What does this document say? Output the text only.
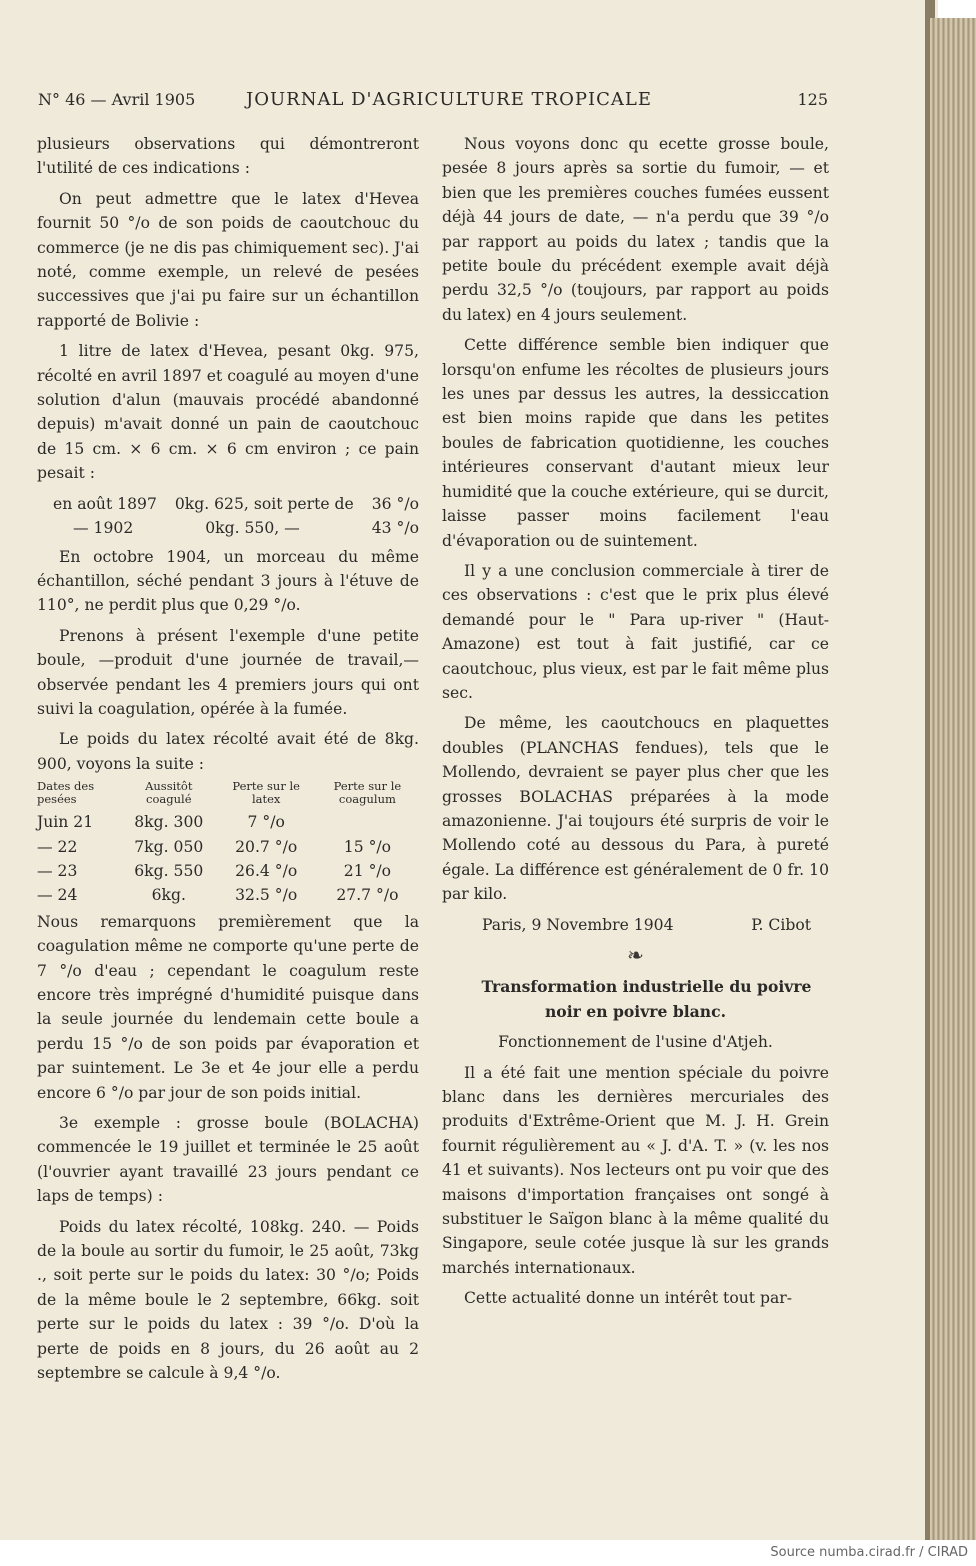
N° 46 — Avril 1905	JOURNAL D'AGRICULTURE TROPICALE	125

plusieurs observations qui démontreront l'utilité de ces indications :

On peut admettre que le latex d'Hevea fournit 50 °/o de son poids de caoutchouc du commerce (je ne dis pas chimiquement sec). J'ai noté, comme exemple, un relevé de pesées successives que j'ai pu faire sur un échantillon rapporté de Bolivie :

1 litre de latex d'Hevea, pesant 0kg. 975, récolté en avril 1897 et coagulé au moyen d'une solution d'alun (mauvais procédé abandonné depuis) m'avait donné un pain de caoutchouc de 15 cm. × 6 cm. × 6 cm environ ; ce pain pesait :

en août 1897 0kg. 625, soit perte de 36 °/o
— 1902	0kg. 550, —	43 °/o

En octobre 1904, un morceau du même échantillon, séché pendant 3 jours à l'étuve de 110°, ne perdit plus que 0,29 °/o.

Prenons à présent l'exemple d'une petite boule, —produit d'une journée de travail,— observée pendant les 4 premiers jours qui ont suivi la coagulation, opérée à la fumée.

Le poids du latex récolté avait été de 8kg. 900, voyons la suite :

Dates des pesées	Aussitôt coagulé	Perte sur le latex	Perte sur le coagulum
Juin 21	8kg. 300	7 °/o	
— 22	7kg. 050	20.7 °/o	15 °/o
— 23	6kg. 550	26.4 °/o	21 °/o
— 24	6kg.	32.5 °/o	27.7 °/o

Nous remarquons premièrement que la coagulation même ne comporte qu'une perte de 7 °/o d'eau ; cependant le coagulum reste encore très imprégné d'humidité puisque dans la seule journée du lendemain cette boule a perdu 15 °/o de son poids par évaporation et par suintement. Le 3e et 4e jour elle a perdu encore 6 °/o par jour de son poids initial.

3e exemple : grosse boule (BOLACHA) commencée le 19 juillet et terminée le 25 août (l'ouvrier ayant travaillé 23 jours pendant ce laps de temps) :

Poids du latex récolté, 108kg. 240. — Poids de la boule au sortir du fumoir, le 25 août, 73kg ., soit perte sur le poids du latex: 30 °/o; Poids de la même boule le 2 septembre, 66kg. soit perte sur le poids du latex : 39 °/o. D'où la perte de poids en 8 jours, du 26 août au 2 septembre se calcule à 9,4 °/o.

Nous voyons donc qu ecette grosse boule, pesée 8 jours après sa sortie du fumoir, — et bien que les premières couches fumées eussent déjà 44 jours de date, — n'a perdu que 39 °/o par rapport au poids du latex ; tandis que la petite boule du précédent exemple avait déjà perdu 32,5 °/o (toujours, par rapport au poids du latex) en 4 jours seulement.

Cette différence semble bien indiquer que lorsqu'on enfume les récoltes de plusieurs jours les unes par dessus les autres, la dessiccation est bien moins rapide que dans les petites boules de fabrication quotidienne, les couches intérieures conservant d'autant mieux leur humidité que la couche extérieure, qui se durcit, laisse passer moins facilement l'eau d'évaporation ou de suintement.

Il y a une conclusion commerciale à tirer de ces observations : c'est que le prix plus élevé demandé pour le " Para up-river " (Haut-Amazone) est tout à fait justifié, car ce caoutchouc, plus vieux, est par le fait même plus sec.

De même, les caoutchoucs en plaquettes doubles (PLANCHAS fendues), tels que le Mollendo, devraient se payer plus cher que les grosses BOLACHAS préparées à la mode amazonienne. J'ai toujours été surpris de voir le Mollendo coté au dessous du Para, à pureté égale. La différence est généralement de 0 fr. 10 par kilo.

Paris, 9 Novembre 1904	P. Cibot
❧

Transformation industrielle du poivre noir en poivre blanc.

Fonctionnement de l'usine d'Atjeh.

Il a été fait une mention spéciale du poivre blanc dans les dernières mercuriales des produits d'Extrême-Orient que M. J. H. Grein fournit régulièrement au « J. d'A. T. » (v. les nos 41 et suivants). Nos lecteurs ont pu voir que des maisons d'importation françaises ont songé à substituer le Saïgon blanc à la même qualité du Singapore, seule cotée jusque là sur les grands marchés internationaux.

Cette actualité donne un intérêt tout par-

Source numba.cirad.fr / CIRAD
